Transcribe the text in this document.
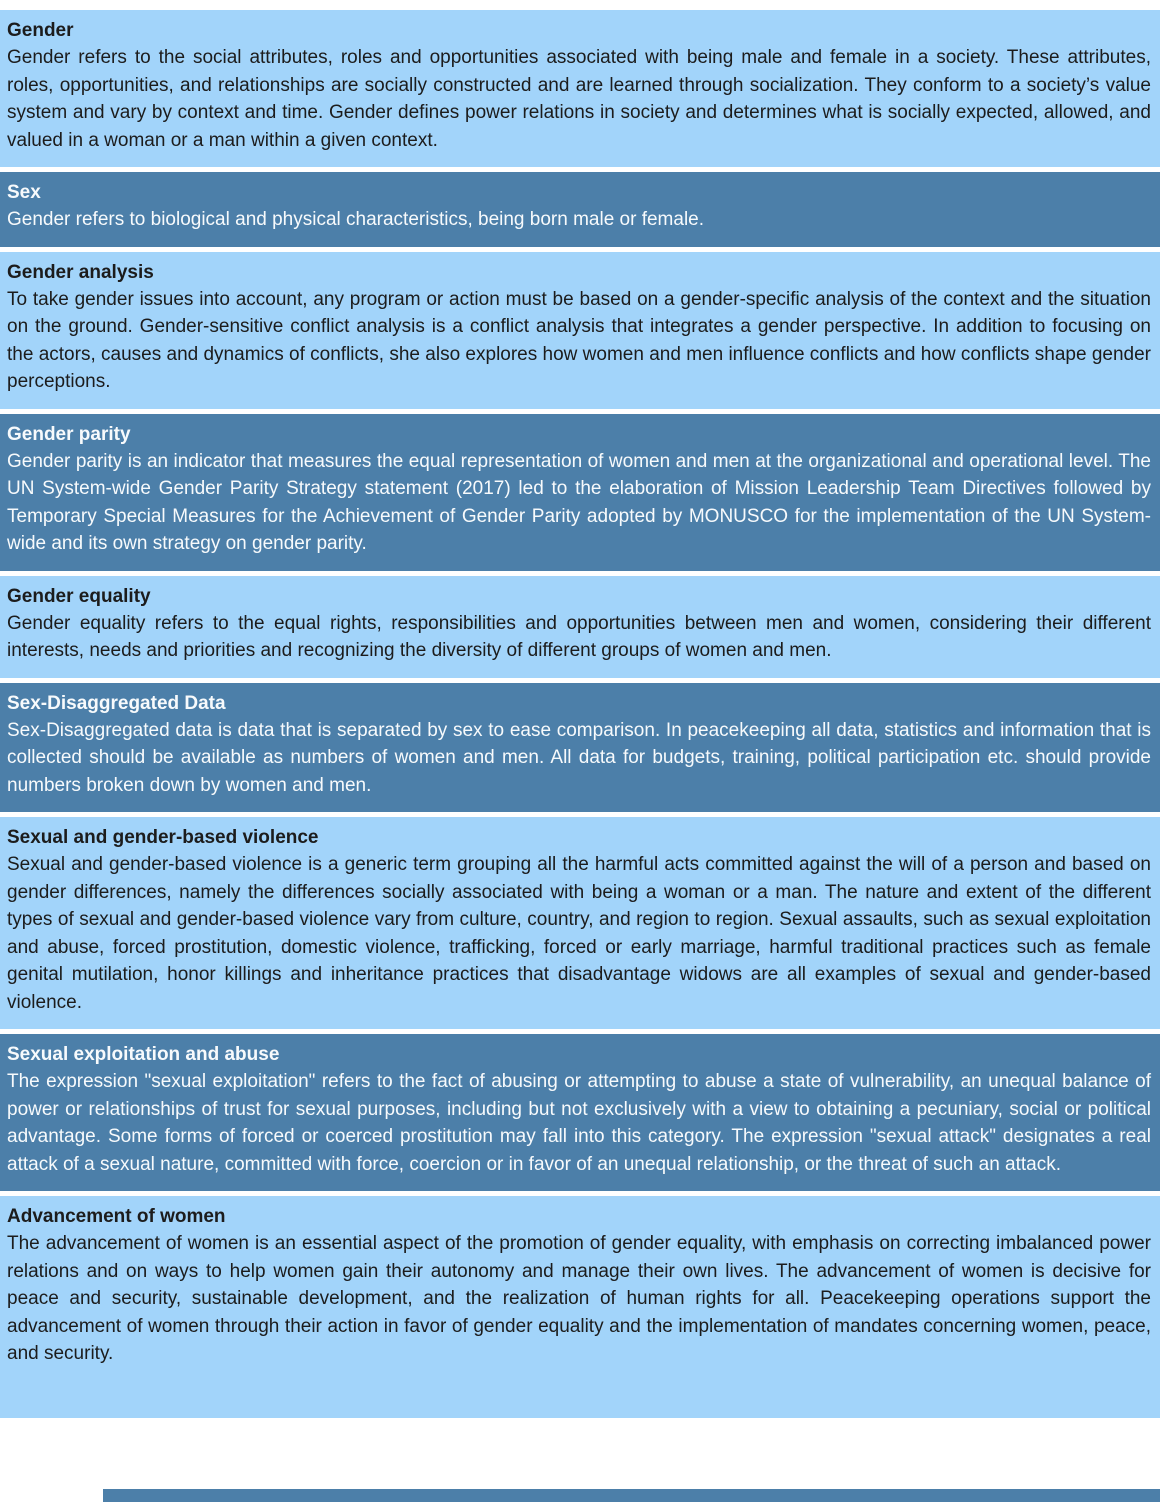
Gender

Gender refers to the social attributes, roles and opportunities associated with being male and female in a society. These attributes, roles, opportunities, and relationships are socially constructed and are learned through socialization. They conform to a society’s value system and vary by context and time. Gender defines power relations in society and determines what is socially expected, allowed, and valued in a woman or a man within a given context.

Sex

Gender refers to biological and physical characteristics, being born male or female.

Gender analysis

To take gender issues into account, any program or action must be based on a gender-specific analysis of the context and the situation on the ground. Gender-sensitive conflict analysis is a conflict analysis that integrates a gender perspective. In addition to focusing on the actors, causes and dynamics of conflicts, she also explores how women and men influence conflicts and how conflicts shape gender perceptions.

Gender parity

Gender parity is an indicator that measures the equal representation of women and men at the organizational and operational level. The UN System-wide Gender Parity Strategy statement (2017) led to the elaboration of Mission Leadership Team Directives followed by Temporary Special Measures for the Achievement of Gender Parity adopted by MONUSCO for the implementation of the UN System-wide and its own strategy on gender parity.

Gender equality

Gender equality refers to the equal rights, responsibilities and opportunities between men and women, considering their different interests, needs and priorities and recognizing the diversity of different groups of women and men.

Sex-Disaggregated Data

Sex-Disaggregated data is data that is separated by sex to ease comparison. In peacekeeping all data, statistics and information that is collected should be available as numbers of women and men. All data for budgets, training, political participation etc. should provide numbers broken down by women and men.

Sexual and gender-based violence

Sexual and gender-based violence is a generic term grouping all the harmful acts committed against the will of a person and based on gender differences, namely the differences socially associated with being a woman or a man. The nature and extent of the different types of sexual and gender-based violence vary from culture, country, and region to region. Sexual assaults, such as sexual exploitation and abuse, forced prostitution, domestic violence, trafficking, forced or early marriage, harmful traditional practices such as female genital mutilation, honor killings and inheritance practices that disadvantage widows are all examples of sexual and gender-based violence.

Sexual exploitation and abuse

The expression "sexual exploitation" refers to the fact of abusing or attempting to abuse a state of vulnerability, an unequal balance of power or relationships of trust for sexual purposes, including but not exclusively with a view to obtaining a pecuniary, social or political advantage. Some forms of forced or coerced prostitution may fall into this category. The expression "sexual attack" designates a real attack of a sexual nature, committed with force, coercion or in favor of an unequal relationship, or the threat of such an attack.

Advancement of women

The advancement of women is an essential aspect of the promotion of gender equality, with emphasis on correcting imbalanced power relations and on ways to help women gain their autonomy and manage their own lives. The advancement of women is decisive for peace and security, sustainable development, and the realization of human rights for all. Peacekeeping operations support the advancement of women through their action in favor of gender equality and the implementation of mandates concerning women, peace, and security.
